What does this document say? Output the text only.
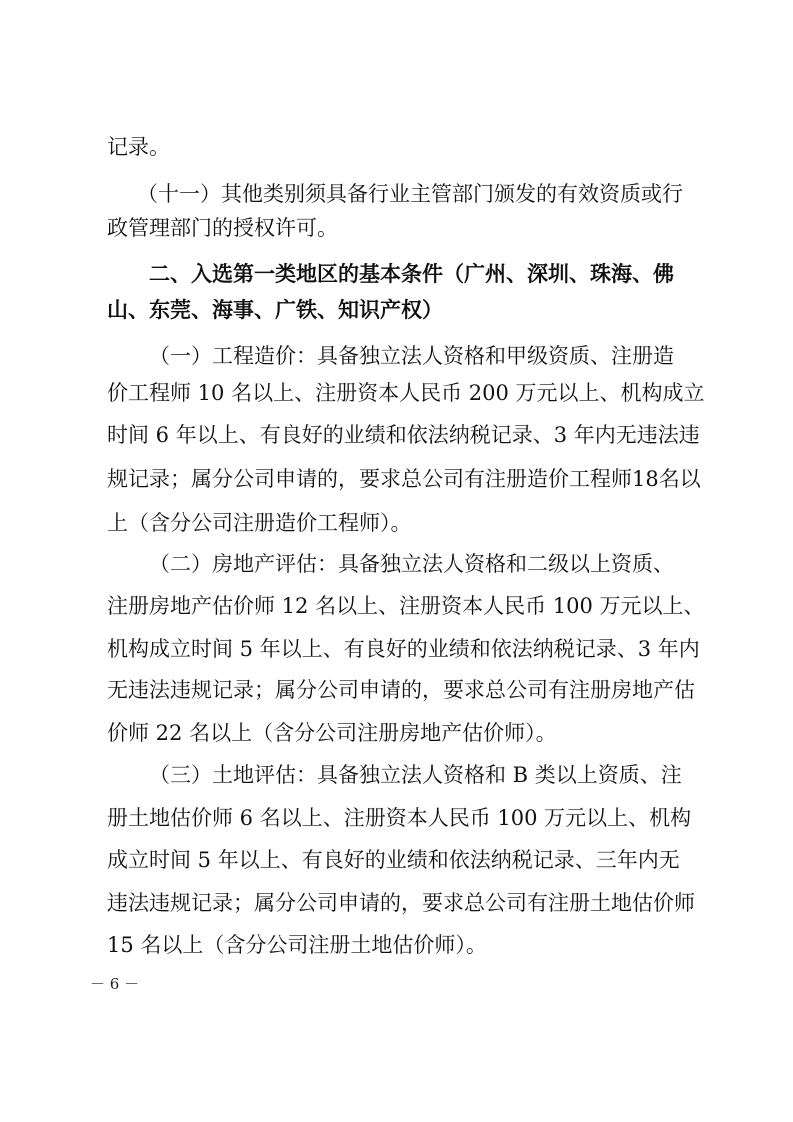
记录。
（十一）其他类别须具备行业主管部门颁发的有效资质或行
政管理部门的授权许可。
二、入选第一类地区的基本条件（广州、深圳、珠海、佛
山、东莞、海事、广铁、知识产权）
（一）工程造价：具备独立法人资格和甲级资质、注册造
价工程师 10 名以上、注册资本人民币 200 万元以上、机构成立
时间 6 年以上、有良好的业绩和依法纳税记录、3 年内无违法违
规记录；属分公司申请的，要求总公司有注册造价工程师18名以
上（含分公司注册造价工程师）。
（二）房地产评估：具备独立法人资格和二级以上资质、
注册房地产估价师 12 名以上、注册资本人民币 100 万元以上、
机构成立时间 5 年以上、有良好的业绩和依法纳税记录、3 年内
无违法违规记录；属分公司申请的，要求总公司有注册房地产估
价师 22 名以上（含分公司注册房地产估价师）。
（三）土地评估：具备独立法人资格和 B 类以上资质、注
册土地估价师 6 名以上、注册资本人民币 100 万元以上、机构
成立时间 5 年以上、有良好的业绩和依法纳税记录、三年内无
违法违规记录；属分公司申请的，要求总公司有注册土地估价师
15 名以上（含分公司注册土地估价师）。
－ 6 －
